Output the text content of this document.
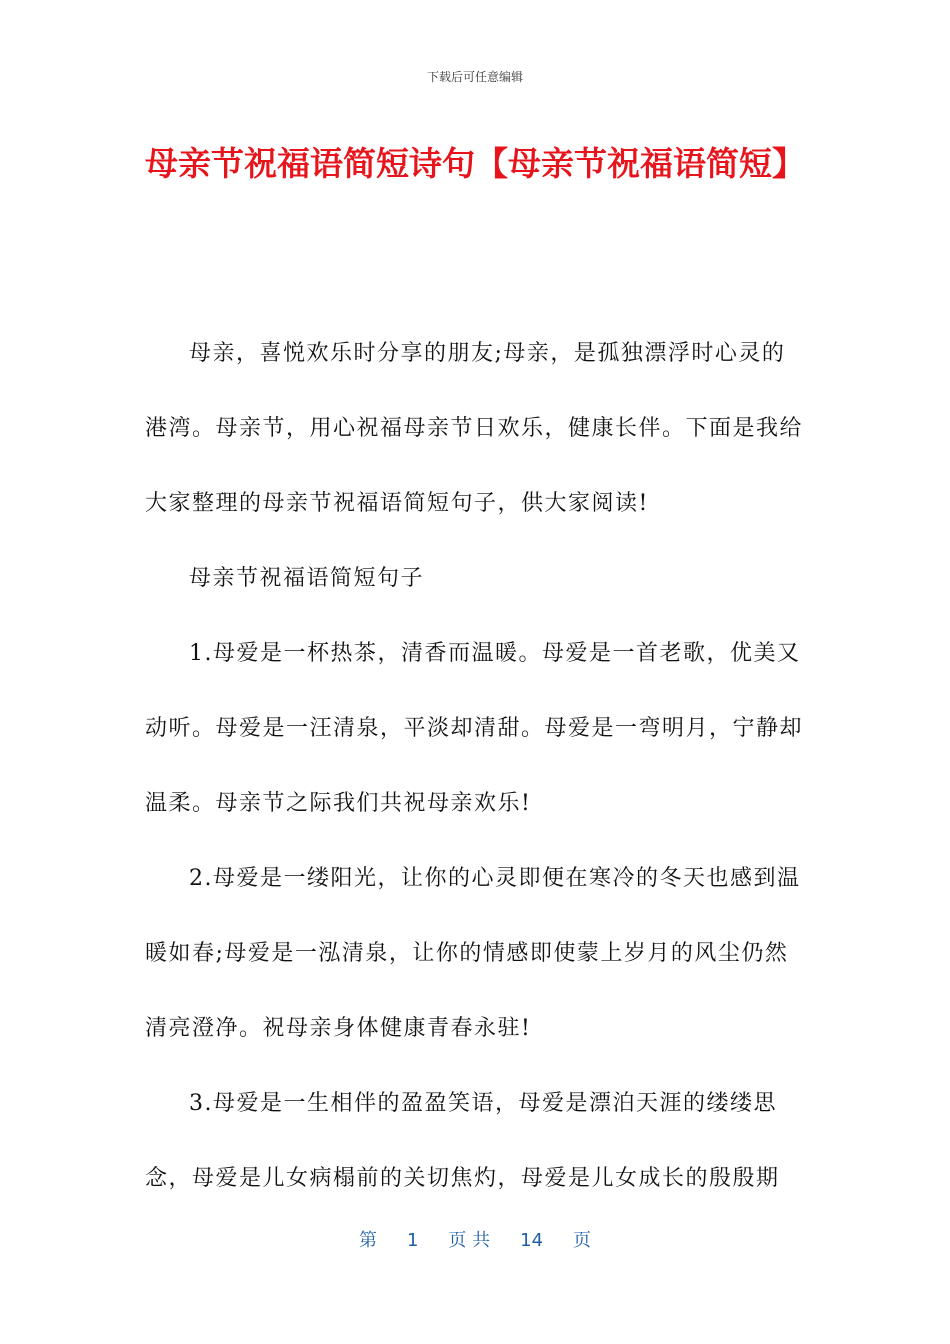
下载后可任意编辑
母亲节祝福语简短诗句【母亲节祝福语简短】

母亲，喜悦欢乐时分享的朋友;母亲，是孤独漂浮时心灵的港湾。母亲节，用心祝福母亲节日欢乐，健康长伴。下面是我给大家整理的母亲节祝福语简短句子，供大家阅读!

母亲节祝福语简短句子

1.母爱是一杯热茶，清香而温暖。母爱是一首老歌，优美又动听。母爱是一汪清泉，平淡却清甜。母爱是一弯明月，宁静却温柔。母亲节之际我们共祝母亲欢乐!

2.母爱是一缕阳光，让你的心灵即便在寒冷的冬天也感到温暖如春;母爱是一泓清泉，让你的情感即使蒙上岁月的风尘仍然清亮澄净。祝母亲身体健康青春永驻!

3.母爱是一生相伴的盈盈笑语，母爱是漂泊天涯的缕缕思念，母爱是儿女病榻前的关切焦灼，母爱是儿女成长的殷殷期

第 1 页 共 14 页
